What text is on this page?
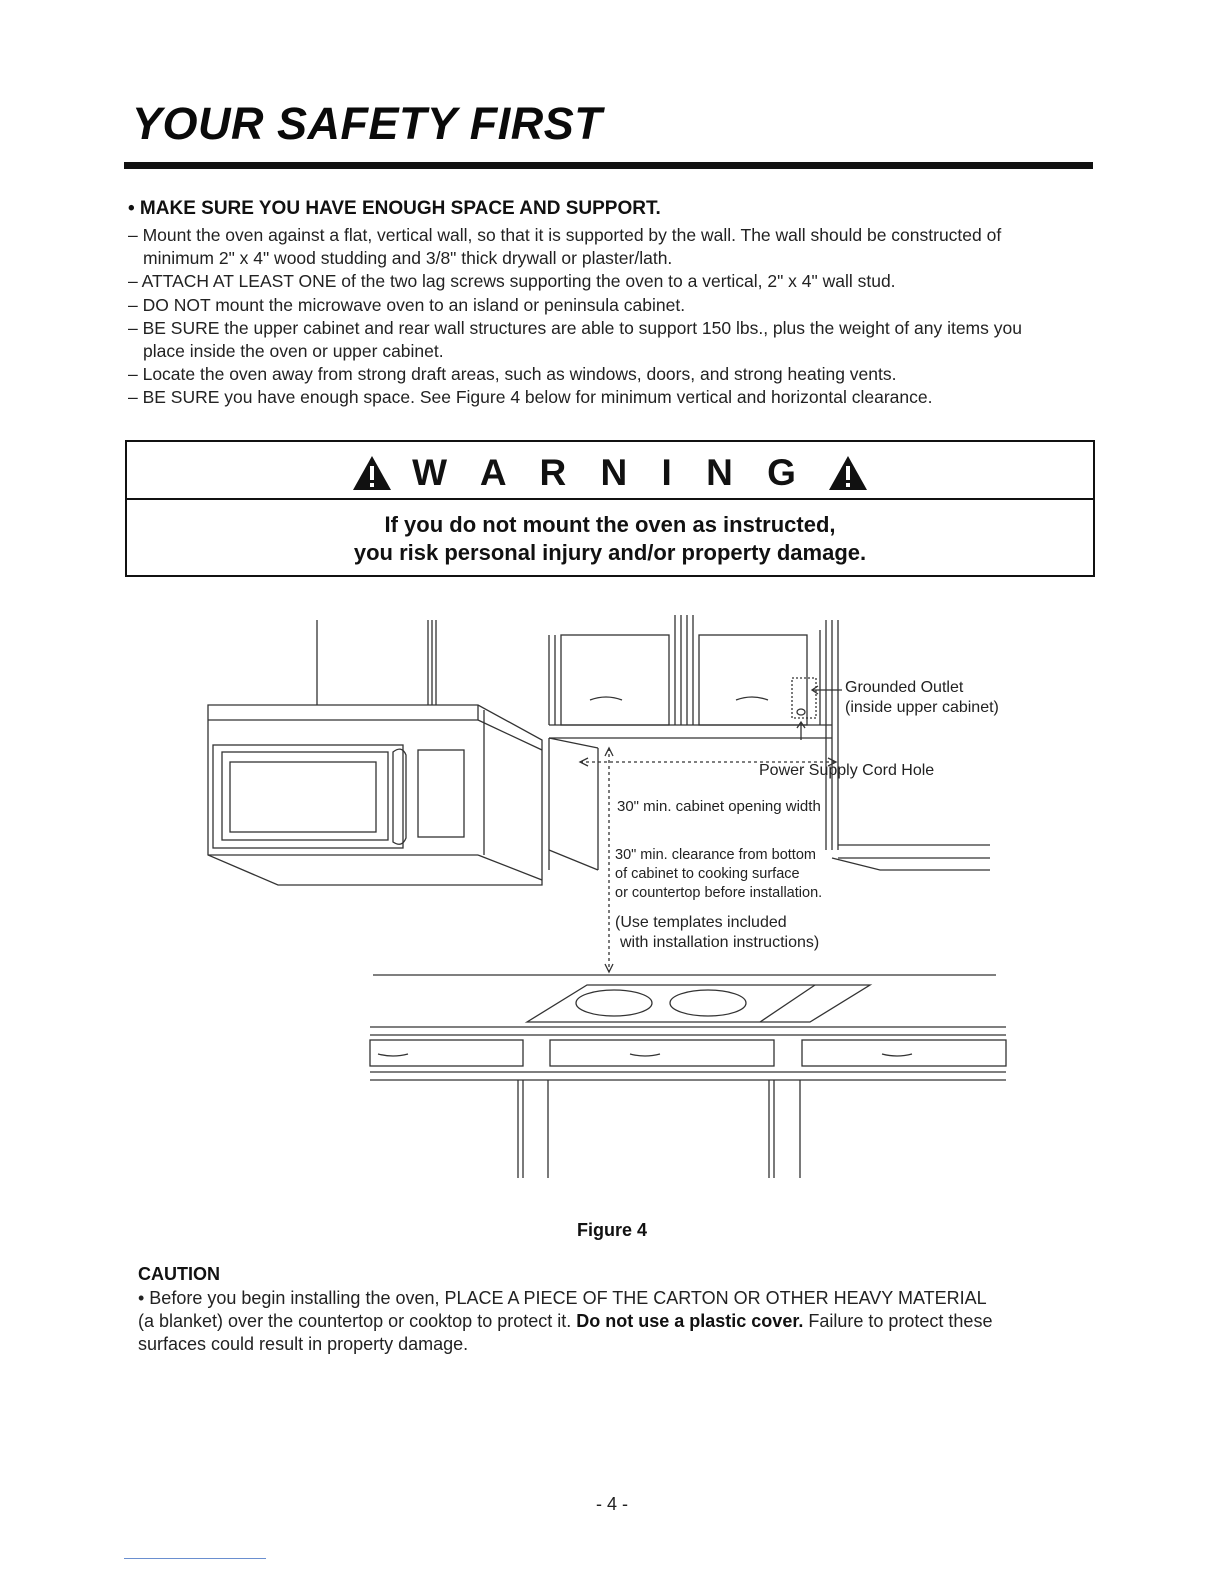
YOUR SAFETY FIRST
• MAKE SURE YOU HAVE ENOUGH SPACE AND SUPPORT.
– Mount the oven against a flat, vertical wall, so that it is supported by the wall. The wall should be constructed of minimum 2" x 4" wood studding and 3/8" thick drywall or plaster/lath.
– ATTACH AT LEAST ONE of the two lag screws supporting the oven to a vertical, 2" x 4" wall stud.
– DO NOT mount the microwave oven to an island or peninsula cabinet.
– BE SURE the upper cabinet and rear wall structures are able to support 150 lbs., plus the weight of any items you place inside the oven or upper cabinet.
– Locate the oven away from strong draft areas, such as windows, doors, and strong heating vents.
– BE SURE you have enough space. See Figure 4 below for minimum vertical and horizontal clearance.
W A R N I N G
If you do not mount the oven as instructed,
you risk personal injury and/or property damage.
Grounded Outlet
(inside upper cabinet)
Power Supply Cord Hole
30" min. cabinet opening width
30" min. clearance from bottom
of cabinet to cooking surface
or countertop before installation.
(Use templates included
with installation instructions)
Figure 4
CAUTION
• Before you begin installing the oven, PLACE A PIECE OF THE CARTON OR OTHER HEAVY MATERIAL (a blanket) over the countertop or cooktop to protect it. Do not use a plastic cover. Failure to protect these surfaces could result in property damage.
- 4 -
